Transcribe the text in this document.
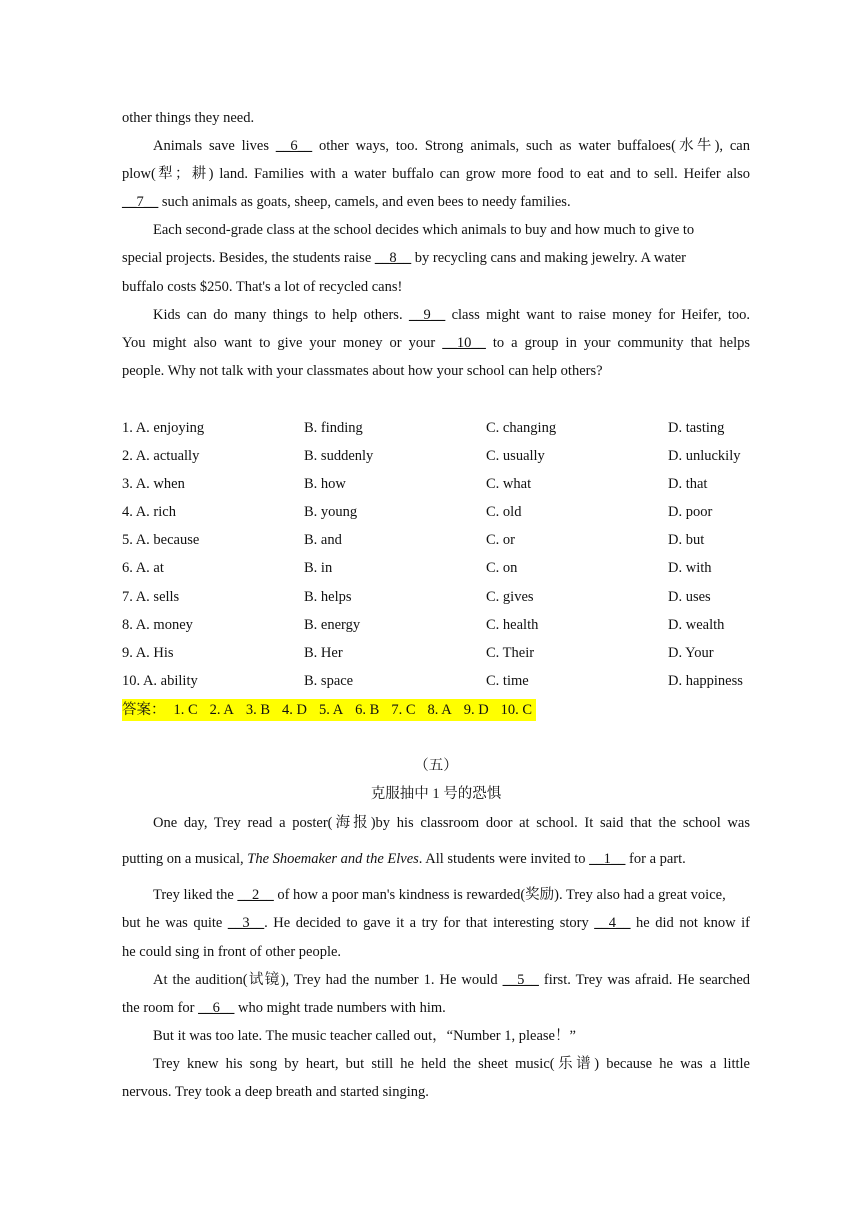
other things they need.
Animals save lives __6__ other ways, too. Strong animals, such as water buffaloes(水牛), can
plow(犁；耕) land. Families with a water buffalo can grow more food to eat and to sell. Heifer also
__7__ such animals as goats, sheep, camels, and even bees to needy families.
Each second-grade class at the school decides which animals to buy and how much to give to
special projects. Besides, the students raise __8__ by recycling cans and making jewelry. A water
buffalo costs $250. That's a lot of recycled cans!
Kids can do many things to help others. __9__ class might want to raise money for Heifer, too.
You might also want to give your money or your __10__ to a group in your community that helps
people. Why not talk with your classmates about how your school can help others?
1. A. enjoying	B. finding	C. changing	D. tasting
2. A. actually	B. suddenly	C. usually	D. unluckily
3. A. when	B. how	C. what	D. that
4. A. rich	B. young	C. old	D. poor
5. A. because	B. and	C. or	D. but
6. A. at	B. in	C. on	D. with
7. A. sells	B. helps	C. gives	D. uses
8. A. money	B. energy	C. health	D. wealth
9. A. His	B. Her	C. Their	D. Your
10. A. ability	B. space	C. time	D. happiness
答案： 1. C 2. A 3. B 4. D 5. A 6. B 7. C 8. A 9. D 10. C
（五）
克服抽中 1 号的恐惧
One day, Trey read a poster(海报)by his classroom door at school. It said that the school was
putting on a musical, The Shoemaker and the Elves. All students were invited to __1__ for a part.
Trey liked the __2__ of how a poor man's kindness is rewarded(奖励). Trey also had a great voice,
but he was quite __3__. He decided to gave it a try for that interesting story __4__ he did not know if
he could sing in front of other people.
At the audition(试镜), Trey had the number 1. He would __5__ first. Trey was afraid. He searched
the room for __6__ who might trade numbers with him.
But it was too late. The music teacher called out，“Number 1, please！”
Trey knew his song by heart, but still he held the sheet music(乐谱) because he was a little
nervous. Trey took a deep breath and started singing.
